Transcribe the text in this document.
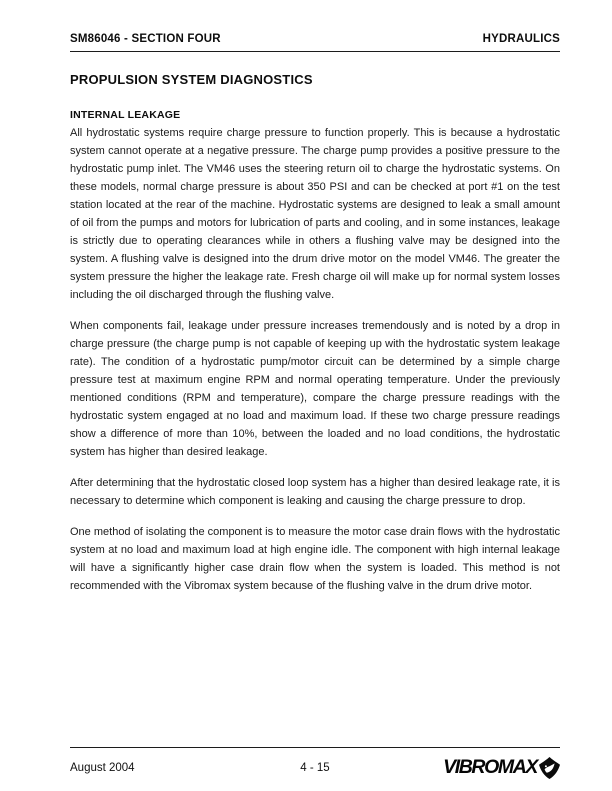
SM86046 - SECTION FOUR	HYDRAULICS
PROPULSION SYSTEM DIAGNOSTICS
INTERNAL LEAKAGE

All hydrostatic systems require charge pressure to function properly. This is because a hydrostatic system cannot operate at a negative pressure. The charge pump provides a positive pressure to the hydrostatic pump inlet. The VM46 uses the steering return oil to charge the hydrostatic systems. On these models, normal charge pressure is about 350 PSI and can be checked at port #1 on the test station located at the rear of the machine. Hydrostatic systems are designed to leak a small amount of oil from the pumps and motors for lubrication of parts and cooling, and in some instances, leakage is strictly due to operating clearances while in others a flushing valve may be designed into the system. A flushing valve is designed into the drum drive motor on the model VM46. The greater the system pressure the higher the leakage rate. Fresh charge oil will make up for normal system losses including the oil discharged through the flushing valve.

When components fail, leakage under pressure increases tremendously and is noted by a drop in charge pressure (the charge pump is not capable of keeping up with the hydrostatic system leakage rate). The condition of a hydrostatic pump/motor circuit can be determined by a simple charge pressure test at maximum engine RPM and normal operating temperature. Under the previously mentioned conditions (RPM and temperature), compare the charge pressure readings with the hydrostatic system engaged at no load and maximum load. If these two charge pressure readings show a difference of more than 10%, between the loaded and no load conditions, the hydrostatic system has higher than desired leakage.

After determining that the hydrostatic closed loop system has a higher than desired leakage rate, it is necessary to determine which component is leaking and causing the charge pressure to drop.

One method of isolating the component is to measure the motor case drain flows with the hydrostatic system at no load and maximum load at high engine idle. The component with high internal leakage will have a significantly higher case drain flow when the system is loaded. This method is not recommended with the Vibromax system because of the flushing valve in the drum drive motor.

August 2004	4 - 15	VIBROMAX
